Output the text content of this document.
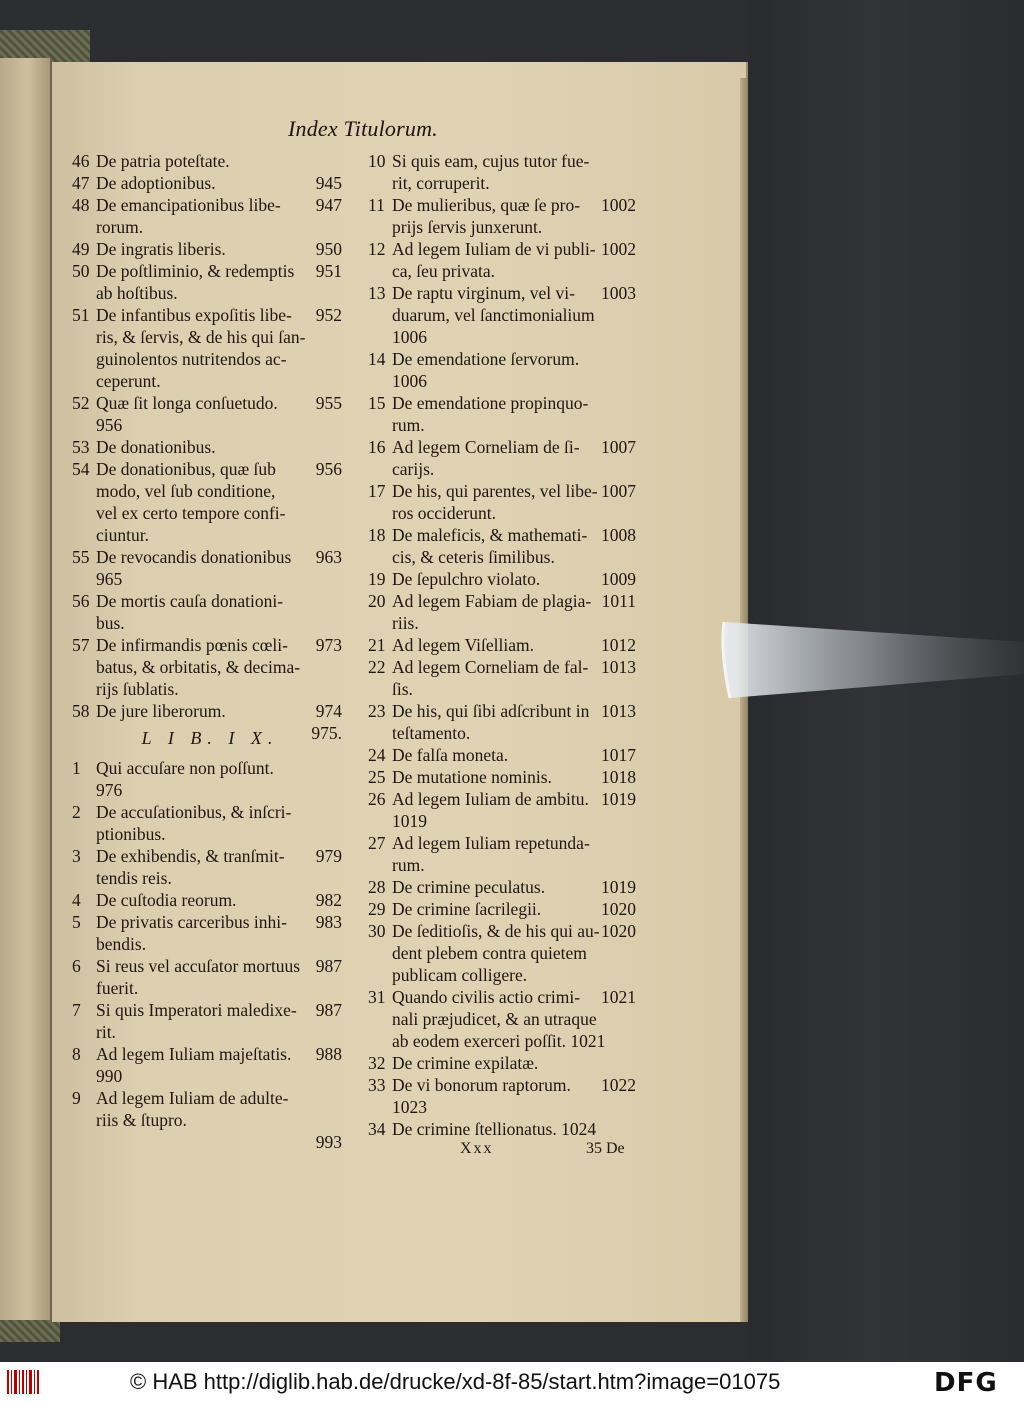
Index Titulorum.
46 De patria poteſtate.
945
47 De adoptionibus.
947
48 De emancipationibus libe-
rorum.
950
49 De ingratis liberis.
951
50 De poſtliminio, & redemptis
ab hoſtibus.
952
51 De infantibus expoſitis libe-
ris, & ſervis, & de his qui ſan-
guinolentos nutritendos ac-
ceperunt.
955
52 Quæ ſit longa conſuetudo.
956
53 De donationibus.
956
54 De donationibus, quæ ſub
modo, vel ſub conditione,
vel ex certo tempore confi-
ciuntur.
963
55 De revocandis donationibus
965
56 De mortis cauſa donationi-
bus.
973
57 De infirmandis pœnis cœli-
batus, & orbitatis, & decima-
rijs ſublatis.
974
58 De jure liberorum.
975.
L I B. I X.
1 Qui accuſare non poſſunt.
976
2 De accuſationibus, & inſcri-
ptionibus.
979
3 De exhibendis, & tranſmit-
tendis reis.
982
4 De cuſtodia reorum.
983
5 De privatis carceribus inhi-
bendis.
987
6 Si reus vel accuſator mortuus
fuerit.
987
7 Si quis Imperatori maledixe-
rit.
988
8 Ad legem Iuliam majeſtatis.
990
9 Ad legem Iuliam de adulte-
riis & ſtupro.
993
10 Si quis eam, cujus tutor fue-
rit, corruperit.
1002
11 De mulieribus, quæ ſe pro-
prijs ſervis junxerunt.
1002
12 Ad legem Iuliam de vi publi-
ca, ſeu privata.
1003
13 De raptu virginum, vel vi-
duarum, vel ſanctimonialium
1006
14 De emendatione ſervorum.
1006
15 De emendatione propinquo-
rum.
1007
16 Ad legem Corneliam de ſi-
carijs.
1007
17 De his, qui parentes, vel libe-
ros occiderunt.
1008
18 De maleficis, & mathemati-
cis, & ceteris ſimilibus.
1009
19 De ſepulchro violato.
1011
20 Ad legem Fabiam de plagia-
riis.
1012
21 Ad legem Viſelliam.
1013
22 Ad legem Corneliam de fal-
ſis.
1013
23 De his, qui ſibi adſcribunt in
teſtamento.
1017
24 De falſa moneta.
1018
25 De mutatione nominis.
1019
26 Ad legem Iuliam de ambitu.
1019
27 Ad legem Iuliam repetunda-
rum.
1019
28 De crimine peculatus.
1020
29 De crimine ſacrilegii.
1020
30 De ſeditioſis, & de his qui au-
dent plebem contra quietem
publicam colligere.
1021
31 Quando civilis actio crimi-
nali præjudicet, & an utraque
ab eodem exerceri poſſit. 1021
32 De crimine expilatæ.
1022
33 De vi bonorum raptorum.
1023
34 De crimine ſtellionatus. 1024
Xxx	35 De
© HAB http://diglib.hab.de/drucke/xd-8f-85/start.htm?image=01075	DFG
